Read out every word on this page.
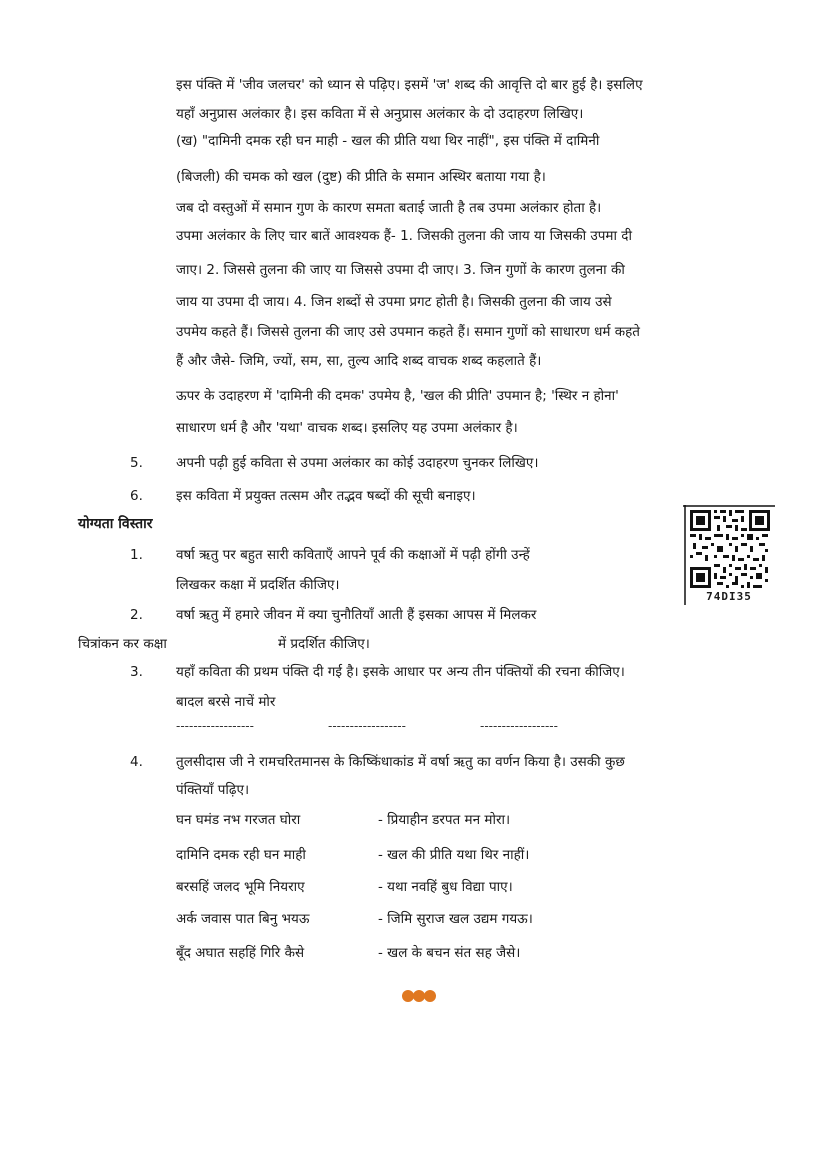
इस पंक्ति में 'जीव जलचर' को ध्यान से पढ़िए। इसमें 'ज' शब्द की आवृत्ति दो बार हुई है। इसलिए
यहाँ अनुप्रास अलंकार है। इस कविता में से अनुप्रास अलंकार के दो उदाहरण लिखिए।
(ख) "दामिनी दमक रही घन माही - खल की प्रीति यथा थिर नाहीं", इस पंक्ति में दामिनी
(बिजली) की चमक को खल (दुष्ट) की प्रीति के समान अस्थिर बताया गया है।
जब दो वस्तुओं में समान गुण के कारण समता बताई जाती है तब उपमा अलंकार होता है।
उपमा अलंकार के लिए चार बातें आवश्यक हैं- 1. जिसकी तुलना की जाय या जिसकी उपमा दी
जाए। 2. जिससे तुलना की जाए या जिससे उपमा दी जाए। 3. जिन गुणों के कारण तुलना की
जाय या उपमा दी जाय। 4. जिन शब्दों से उपमा प्रगट होती है। जिसकी तुलना की जाय उसे
उपमेय कहते हैं। जिससे तुलना की जाए उसे उपमान कहते हैं। समान गुणों को साधारण धर्म कहते
हैं और जैसे- जिमि, ज्यों, सम, सा, तुल्य आदि शब्द वाचक शब्द कहलाते हैं।
ऊपर के उदाहरण में 'दामिनी की दमक' उपमेय है, 'खल की प्रीति' उपमान है; 'स्थिर न होना'
साधारण धर्म है और 'यथा' वाचक शब्द। इसलिए यह उपमा अलंकार है।
5. अपनी पढ़ी हुई कविता से उपमा अलंकार का कोई उदाहरण चुनकर लिखिए।
6. इस कविता में प्रयुक्त तत्सम और तद्भव षब्दों की सूची बनाइए।
योग्यता विस्तार
74DI35
1. वर्षा ऋतु पर बहुत सारी कविताएँ आपने पूर्व की कक्षाओं में पढ़ी होंगी उन्हें
लिखकर कक्षा में प्रदर्शित कीजिए।
2. वर्षा ऋतु में हमारे जीवन में क्या चुनौतियाँ आती हैं इसका आपस में मिलकर
चित्रांकन कर कक्षा	में प्रदर्शित कीजिए।
3. यहाँ कविता की प्रथम पंक्ति दी गई है। इसके आधार पर अन्य तीन पंक्तियों की रचना कीजिए।
बादल बरसे नाचें मोर
------------------	------------------	------------------
4. तुलसीदास जी ने रामचरितमानस के किष्किंधाकांड में वर्षा ऋतु का वर्णन किया है। उसकी कुछ
पंक्तियाँ पढ़िए।
घन घमंड नभ गरजत घोरा	- प्रियाहीन डरपत मन मोरा।
दामिनि दमक रही घन माही	- खल की प्रीति यथा थिर नाहीं।
बरसहिं जलद भूमि नियराए	- यथा नवहिं बुध विद्या पाए।
अर्क जवास पात बिनु भयऊ	- जिमि सुराज खल उद्यम गयऊ।
बूँद अघात सहहिं गिरि कैसे	- खल के बचन संत सह जैसे।
